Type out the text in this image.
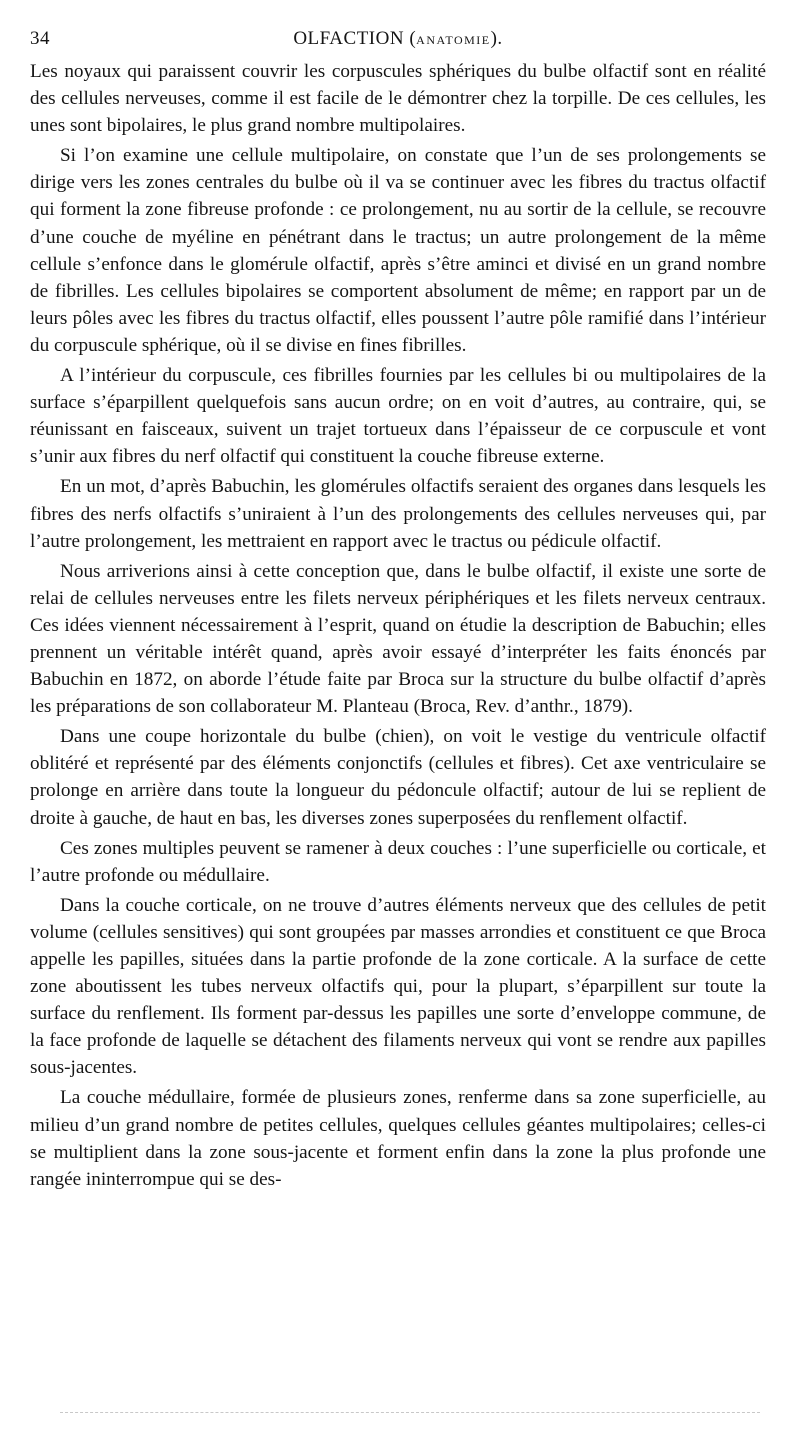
34	OLFACTION (ANATOMIE).

Les noyaux qui paraissent couvrir les corpuscules sphériques du bulbe olfactif sont en réalité des cellules nerveuses, comme il est facile de le démontrer chez la torpille. De ces cellules, les unes sont bipolaires, le plus grand nombre multipolaires.

Si l’on examine une cellule multipolaire, on constate que l’un de ses prolongements se dirige vers les zones centrales du bulbe où il va se continuer avec les fibres du tractus olfactif qui forment la zone fibreuse profonde : ce prolongement, nu au sortir de la cellule, se recouvre d’une couche de myéline en pénétrant dans le tractus; un autre prolongement de la même cellule s’enfonce dans le glomérule olfactif, après s’être aminci et divisé en un grand nombre de fibrilles. Les cellules bipolaires se comportent absolument de même; en rapport par un de leurs pôles avec les fibres du tractus olfactif, elles poussent l’autre pôle ramifié dans l’intérieur du corpuscule sphérique, où il se divise en fines fibrilles.

A l’intérieur du corpuscule, ces fibrilles fournies par les cellules bi ou multipolaires de la surface s’éparpillent quelquefois sans aucun ordre; on en voit d’autres, au contraire, qui, se réunissant en faisceaux, suivent un trajet tortueux dans l’épaisseur de ce corpuscule et vont s’unir aux fibres du nerf olfactif qui constituent la couche fibreuse externe.

En un mot, d’après Babuchin, les glomérules olfactifs seraient des organes dans lesquels les fibres des nerfs olfactifs s’uniraient à l’un des prolongements des cellules nerveuses qui, par l’autre prolongement, les mettraient en rapport avec le tractus ou pédicule olfactif.

Nous arriverions ainsi à cette conception que, dans le bulbe olfactif, il existe une sorte de relai de cellules nerveuses entre les filets nerveux périphériques et les filets nerveux centraux. Ces idées viennent nécessairement à l’esprit, quand on étudie la description de Babuchin; elles prennent un véritable intérêt quand, après avoir essayé d’interpréter les faits énoncés par Babuchin en 1872, on aborde l’étude faite par Broca sur la structure du bulbe olfactif d’après les préparations de son collaborateur M. Planteau (Broca, Rev. d’anthr., 1879).

Dans une coupe horizontale du bulbe (chien), on voit le vestige du ventricule olfactif oblitéré et représenté par des éléments conjonctifs (cellules et fibres). Cet axe ventriculaire se prolonge en arrière dans toute la longueur du pédoncule olfactif; autour de lui se replient de droite à gauche, de haut en bas, les diverses zones superposées du renflement olfactif.

Ces zones multiples peuvent se ramener à deux couches : l’une superficielle ou corticale, et l’autre profonde ou médullaire.

Dans la couche corticale, on ne trouve d’autres éléments nerveux que des cellules de petit volume (cellules sensitives) qui sont groupées par masses arrondies et constituent ce que Broca appelle les papilles, situées dans la partie profonde de la zone corticale. A la surface de cette zone aboutissent les tubes nerveux olfactifs qui, pour la plupart, s’éparpillent sur toute la surface du renflement. Ils forment par-dessus les papilles une sorte d’enveloppe commune, de la face profonde de laquelle se détachent des filaments nerveux qui vont se rendre aux papilles sous-jacentes.

La couche médullaire, formée de plusieurs zones, renferme dans sa zone superficielle, au milieu d’un grand nombre de petites cellules, quelques cellules géantes multipolaires; celles-ci se multiplient dans la zone sous-jacente et forment enfin dans la zone la plus profonde une rangée ininterrompue qui se des-
